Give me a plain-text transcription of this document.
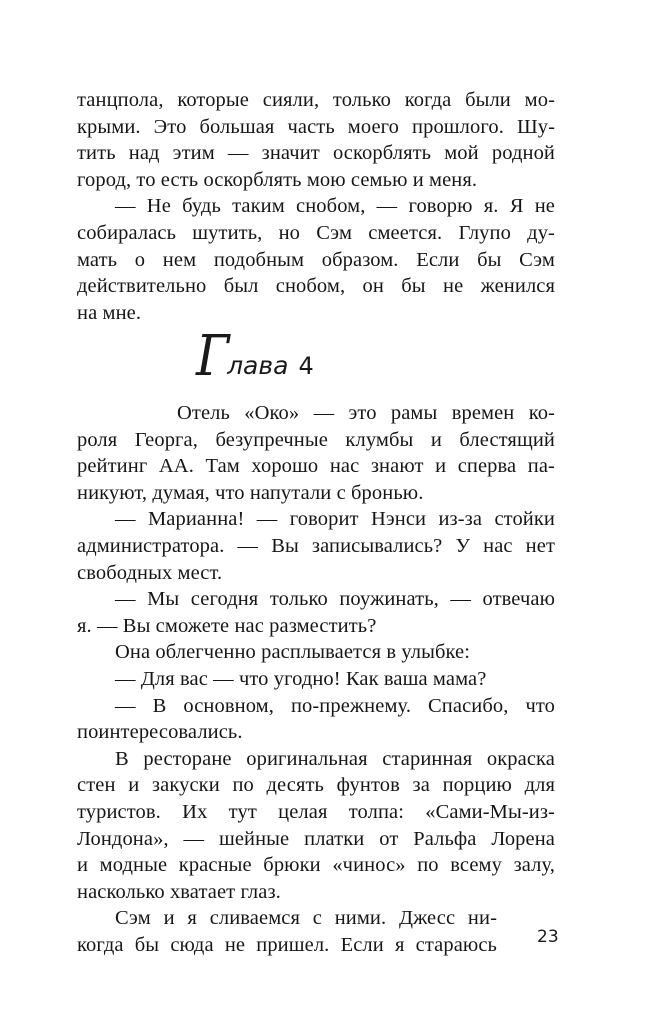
танцпола, которые сияли, только когда были мо-
крыми. Это большая часть моего прошлого. Шу-
тить над этим — значит оскорблять мой родной
город, то есть оскорблять мою семью и меня.
— Не будь таким снобом, — говорю я. Я не
собиралась шутить, но Сэм смеется. Глупо ду-
мать о нем подобным образом. Если бы Сэм
действительно был снобом, он бы не женился
на мне.
Г
лава 4
Отель «Око» — это рамы времен ко-
роля Георга, безупречные клумбы и блестящий
рейтинг АА. Там хорошо нас знают и сперва па-
никуют, думая, что напутали с бронью.
— Марианна! — говорит Нэнси из-за стойки
администратора. — Вы записывались? У нас нет
свободных мест.
— Мы сегодня только поужинать, — отвечаю
я. — Вы сможете нас разместить?
Она облегченно расплывается в улыбке:
— Для вас — что угодно! Как ваша мама?
— В основном, по-прежнему. Спасибо, что
поинтересовались.
В ресторане оригинальная старинная окраска
стен и закуски по десять фунтов за порцию для
туристов. Их тут целая толпа: «Сами-Мы-из-
Лондона», — шейные платки от Ральфа Лорена
и модные красные брюки «чинос» по всему залу,
насколько хватает глаз.
Сэм и я сливаемся с ними. Джесс ни-
когда бы сюда не пришел. Если я стараюсь 23
